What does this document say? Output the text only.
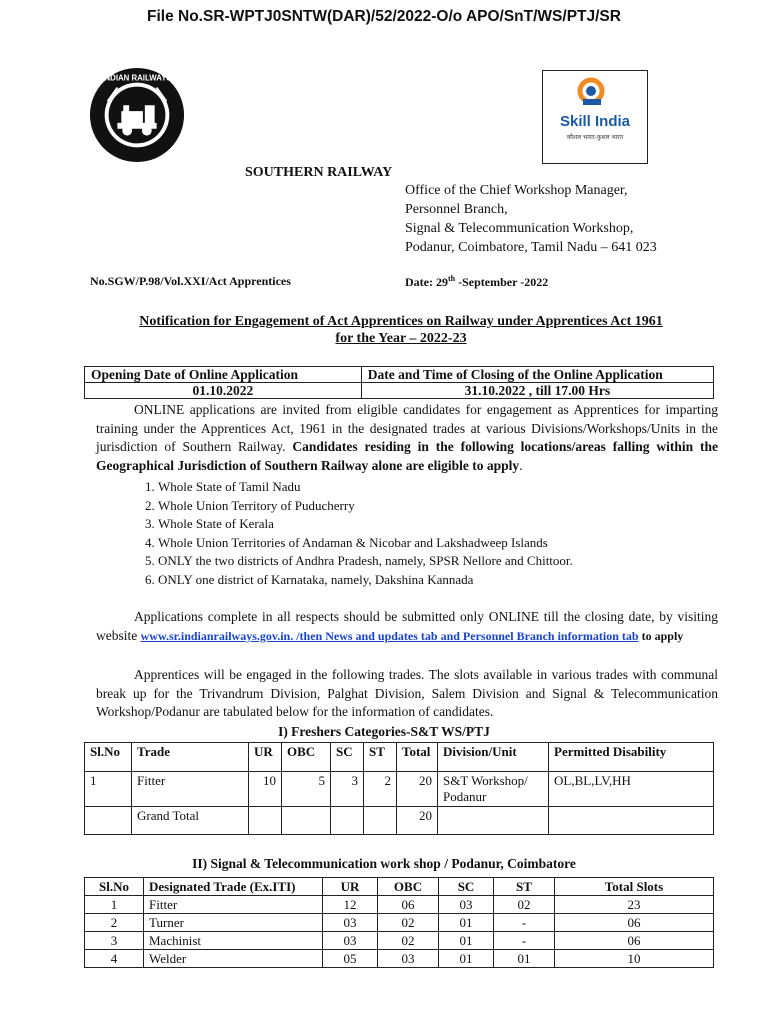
File No.SR-WPTJ0SNTW(DAR)/52/2022-O/o APO/SnT/WS/PTJ/SR
INDIAN RAILWAYS
Skill India
कौशल भारत-कुशल भारत
SOUTHERN RAILWAY
Office of the Chief Workshop Manager,
Personnel Branch,
Signal & Telecommunication Workshop,
Podanur, Coimbatore, Tamil Nadu – 641 023
No.SGW/P.98/Vol.XXI/Act Apprentices	Date: 29th -September -2022
Notification for Engagement of Act Apprentices on Railway under Apprentices Act 1961
for the Year – 2022-23
Opening Date of Online Application	Date and Time of Closing of the Online Application
01.10.2022	31.10.2022 , till 17.00 Hrs
ONLINE applications are invited from eligible candidates for engagement as Apprentices for imparting training under the Apprentices Act, 1961 in the designated trades at various Divisions/Workshops/Units in the jurisdiction of Southern Railway. Candidates residing in the following locations/areas falling within the Geographical Jurisdiction of Southern Railway alone are eligible to apply.
1. Whole State of Tamil Nadu
2. Whole Union Territory of Puducherry
3. Whole State of Kerala
4. Whole Union Territories of Andaman & Nicobar and Lakshadweep Islands
5. ONLY the two districts of Andhra Pradesh, namely, SPSR Nellore and Chittoor.
6. ONLY one district of Karnataka, namely, Dakshina Kannada
Applications complete in all respects should be submitted only ONLINE till the closing date, by visiting website www.sr.indianrailways.gov.in. /then News and updates tab and Personnel Branch information tab to apply
Apprentices will be engaged in the following trades. The slots available in various trades with communal break up for the Trivandrum Division, Palghat Division, Salem Division and Signal & Telecommunication Workshop/Podanur are tabulated below for the information of candidates.
I) Freshers Categories-S&T WS/PTJ
Sl.No	Trade	UR	OBC	SC	ST	Total	Division/Unit	Permitted Disability
1	Fitter	10	5	3	2	20	S&T Workshop/ Podanur	OL,BL,LV,HH
	Grand Total					20		
II) Signal & Telecommunication work shop / Podanur, Coimbatore
Sl.No	Designated Trade (Ex.ITI)	UR	OBC	SC	ST	Total Slots
1	Fitter	12	06	03	02	23
2	Turner	03	02	01	-	06
3	Machinist	03	02	01	-	06
4	Welder	05	03	01	01	10
